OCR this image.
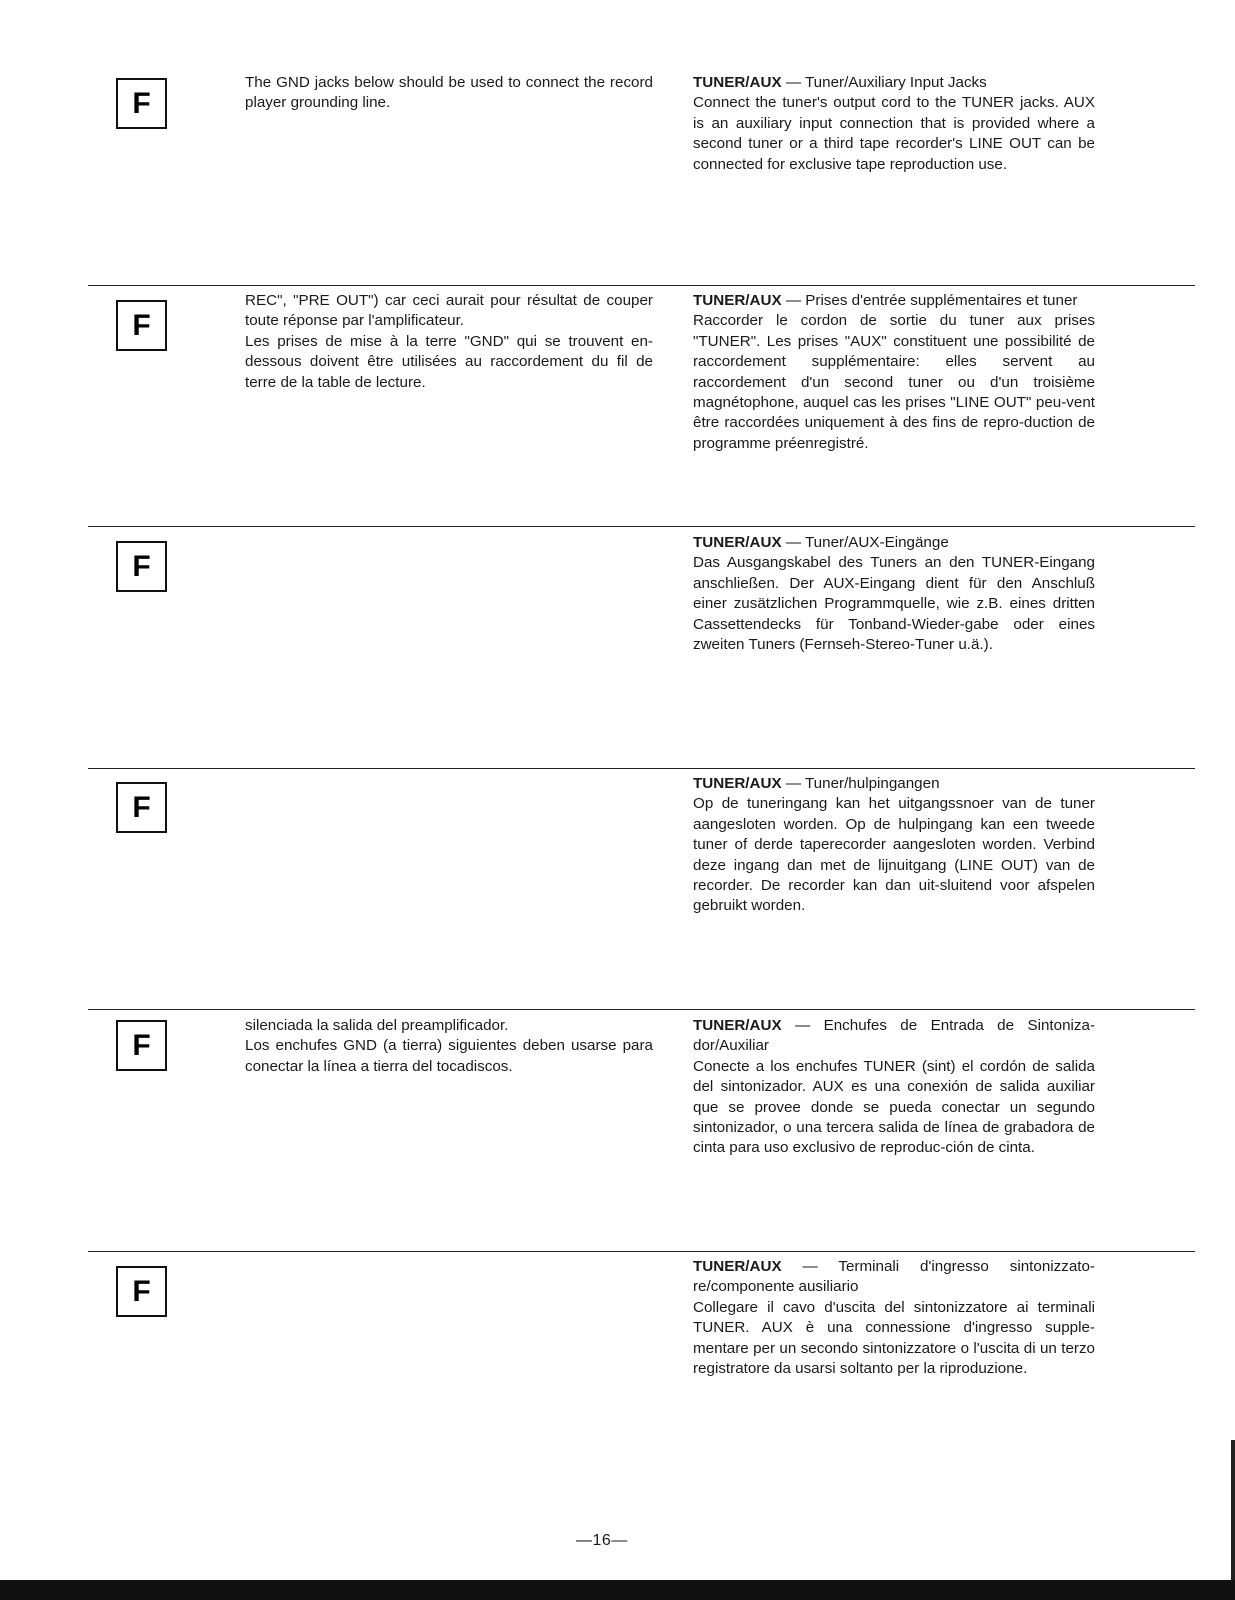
F
The GND jacks below should be used to connect the record player grounding line.
TUNER/AUX — Tuner/Auxiliary Input Jacks
Connect the tuner's output cord to the TUNER jacks. AUX is an auxiliary input connection that is provided where a second tuner or a third tape recorder's LINE OUT can be connected for exclusive tape reproduction use.
F
REC", "PRE OUT") car ceci aurait pour résultat de couper toute réponse par l'amplificateur.
Les prises de mise à la terre "GND" qui se trouvent en-dessous doivent être utilisées au raccordement du fil de terre de la table de lecture.
TUNER/AUX — Prises d'entrée supplémentaires et tuner
Raccorder le cordon de sortie du tuner aux prises "TUNER". Les prises "AUX" constituent une possibilité de raccordement supplémentaire: elles servent au raccordement d'un second tuner ou d'un troisième magnétophone, auquel cas les prises "LINE OUT" peu-vent être raccordées uniquement à des fins de repro-duction de programme préenregistré.
F
TUNER/AUX — Tuner/AUX-Eingänge
Das Ausgangskabel des Tuners an den TUNER-Eingang anschließen. Der AUX-Eingang dient für den Anschluß einer zusätzlichen Programmquelle, wie z.B. eines dritten Cassettendecks für Tonband-Wieder-gabe oder eines zweiten Tuners (Fernseh-Stereo-Tuner u.ä.).
F
TUNER/AUX — Tuner/hulpingangen
Op de tuneringang kan het uitgangssnoer van de tuner aangesloten worden. Op de hulpingang kan een tweede tuner of derde taperecorder aangesloten worden. Verbind deze ingang dan met de lijnuitgang (LINE OUT) van de recorder. De recorder kan dan uit-sluitend voor afspelen gebruikt worden.
F
silenciada la salida del preamplificador.
Los enchufes GND (a tierra) siguientes deben usarse para conectar la línea a tierra del tocadiscos.
TUNER/AUX — Enchufes de Entrada de Sintoniza-dor/Auxiliar
Conecte a los enchufes TUNER (sint) el cordón de salida del sintonizador. AUX es una conexión de salida auxiliar que se provee donde se pueda conectar un segundo sintonizador, o una tercera salida de línea de grabadora de cinta para uso exclusivo de reproduc-ción de cinta.
F
TUNER/AUX — Terminali d'ingresso sintonizzato-re/componente ausiliario
Collegare il cavo d'uscita del sintonizzatore ai terminali TUNER. AUX è una connessione d'ingresso supple-mentare per un secondo sintonizzatore o l'uscita di un terzo registratore da usarsi soltanto per la riproduzione.
—16—
